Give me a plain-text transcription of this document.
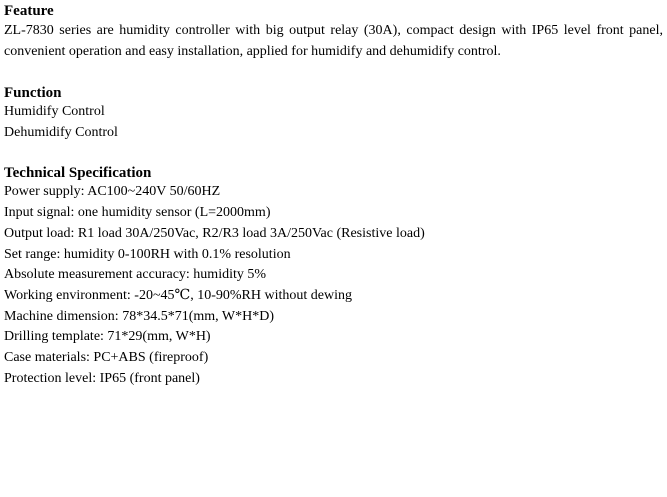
Feature
ZL-7830 series are humidity controller with big output relay (30A), compact design with IP65 level front panel, convenient operation and easy installation, applied for humidify and dehumidify control.
Function
Humidify Control
Dehumidify Control
Technical Specification
Power supply: AC100~240V 50/60HZ
Input signal: one humidity sensor (L=2000mm)
Output load: R1 load 30A/250Vac, R2/R3 load 3A/250Vac (Resistive load)
Set range: humidity 0-100RH with 0.1% resolution
Absolute measurement accuracy: humidity 5%
Working environment: -20~45℃, 10-90%RH without dewing
Machine dimension: 78*34.5*71(mm, W*H*D)
Drilling template: 71*29(mm, W*H)
Case materials: PC+ABS (fireproof)
Protection level: IP65 (front panel)
